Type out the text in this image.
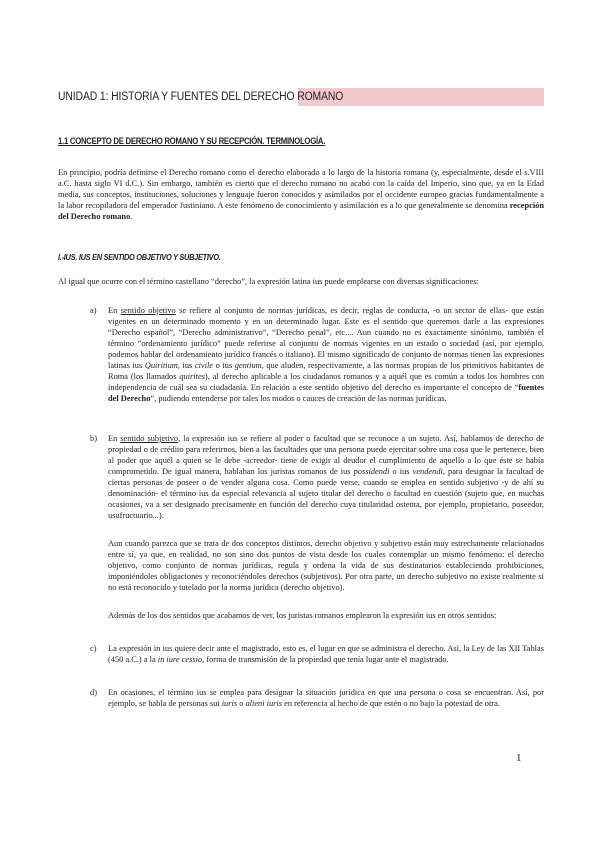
UNIDAD 1: HISTORIA Y FUENTES DEL DERECHO ROMANO
1.1 CONCEPTO DE DERECHO ROMANO Y SU RECEPCIÓN. TERMINOLOGÍA.
En principio, podría definirse el Derecho romano como el derecho elaborado a lo largo de la historia romana (y, especialmente, desde el s.VIII a.C. hasta siglo VI d.C.). Sin embargo, también es cierto que el derecho romano no acabó con la caída del Imperio, sino que, ya en la Edad media, sus conceptos, instituciones, soluciones y lenguaje fueron conocidos y asimilados por el occidente europeo gracias fundamentalmente a la labor recopiladora del emperador Justiniano. A este fenómeno de conocimiento y asimilación es a lo que generalmente se denomina recepción del Derecho romano.
I.-IUS. IUS EN SENTIDO OBJETIVO Y SUBJETIVO.
Al igual que ocurre con el término castellano “derecho”, la expresión latina ius puede emplearse con diversas significaciones:
a) En sentido objetivo se refiere al conjunto de normas jurídicas, es decir, reglas de conducta, -o un sector de ellas- que están vigentes en un determinado momento y en un determinado lugar. Este es el sentido que queremos darle a las expresiones “Derecho español”, “Derecho administrativo”, “Derecho penal”, etc.... Aun cuando no es exactamente sinónimo, también el término “ordenamiento jurídico” puede referirse al conjunto de normas vigentes en un estado o sociedad (así, por ejemplo, podemos hablar del ordenamiento jurídico francés o italiano). El mismo significado de conjunto de normas tienen las expresiones latinas ius Quiritium, ius civile o ius gentium, que aluden, respectivamente, a las normas propias de los primitivos habitantes de Roma (los llamados quirites), al derecho aplicable a los ciudadanos romanos y a aquél que es común a todos los hombres con independencia de cuál sea su ciudadanía. En relación a este sentido objetivo del derecho es importante el concepto de “fuentes del Derecho”, pudiendo entenderse por tales los modos o cauces de creación de las normas jurídicas.
b) En sentido subjetivo, la expresión ius se refiere al poder o facultad que se reconoce a un sujeto. Así, hablamos de derecho de propiedad o de crédito para referirnos, bien a las facultades que una persona puede ejercitar sobre una cosa que le pertenece, bien al poder que aquél a quien se le debe -acreedor- tiene de exigir al deudor el cumplimiento de aquello a lo que éste se había comprometido. De igual manera, hablaban los juristas romanos de ius possidendi o ius vendendi, para designar la facultad de ciertas personas de poseer o de vender alguna cosa. Como puede verse, cuando se emplea en sentido subjetivo -y de ahí su denominación- el término ius da especial relevancia al sujeto titular del derecho o facultad en cuestión (sujeto que, en muchas ocasiones, va a ser designado precisamente en función del derecho cuya titularidad ostenta, por ejemplo, propietario, poseedor, usufructuario...).
Aun cuando parezca que se trata de dos conceptos distintos, derecho objetivo y subjetivo están muy estrechamente relacionados entre sí, ya que, en realidad, no son sino dos puntos de vista desde los cuales contemplar un mismo fenómeno: el derecho objetivo, como conjunto de normas jurídicas, regula y ordena la vida de sus destinatarios estableciendo prohibiciones, imponiéndoles obligaciones y reconociéndoles derechos (subjetivos). Por otra parte, un derecho subjetivo no existe realmente si no está reconocido y tutelado por la norma jurídica (derecho objetivo).
Además de los dos sentidos que acabamos de ver, los juristas romanos emplearon la expresión ius en otros sentidos:
c) La expresión in ius quiere decir ante el magistrado, esto es, el lugar en que se administra el derecho. Así, la Ley de las XII Tablas (450 a.C.) a la in iure cessio, forma de transmisión de la propiedad que tenía lugar ante el magistrado.
d) En ocasiones, el término ius se emplea para designar la situación jurídica en que una persona o cosa se encuentran. Así, por ejemplo, se habla de personas sui iuris o alieni iuris en referencia al hecho de que estén o no bajo la potestad de otra.
1
